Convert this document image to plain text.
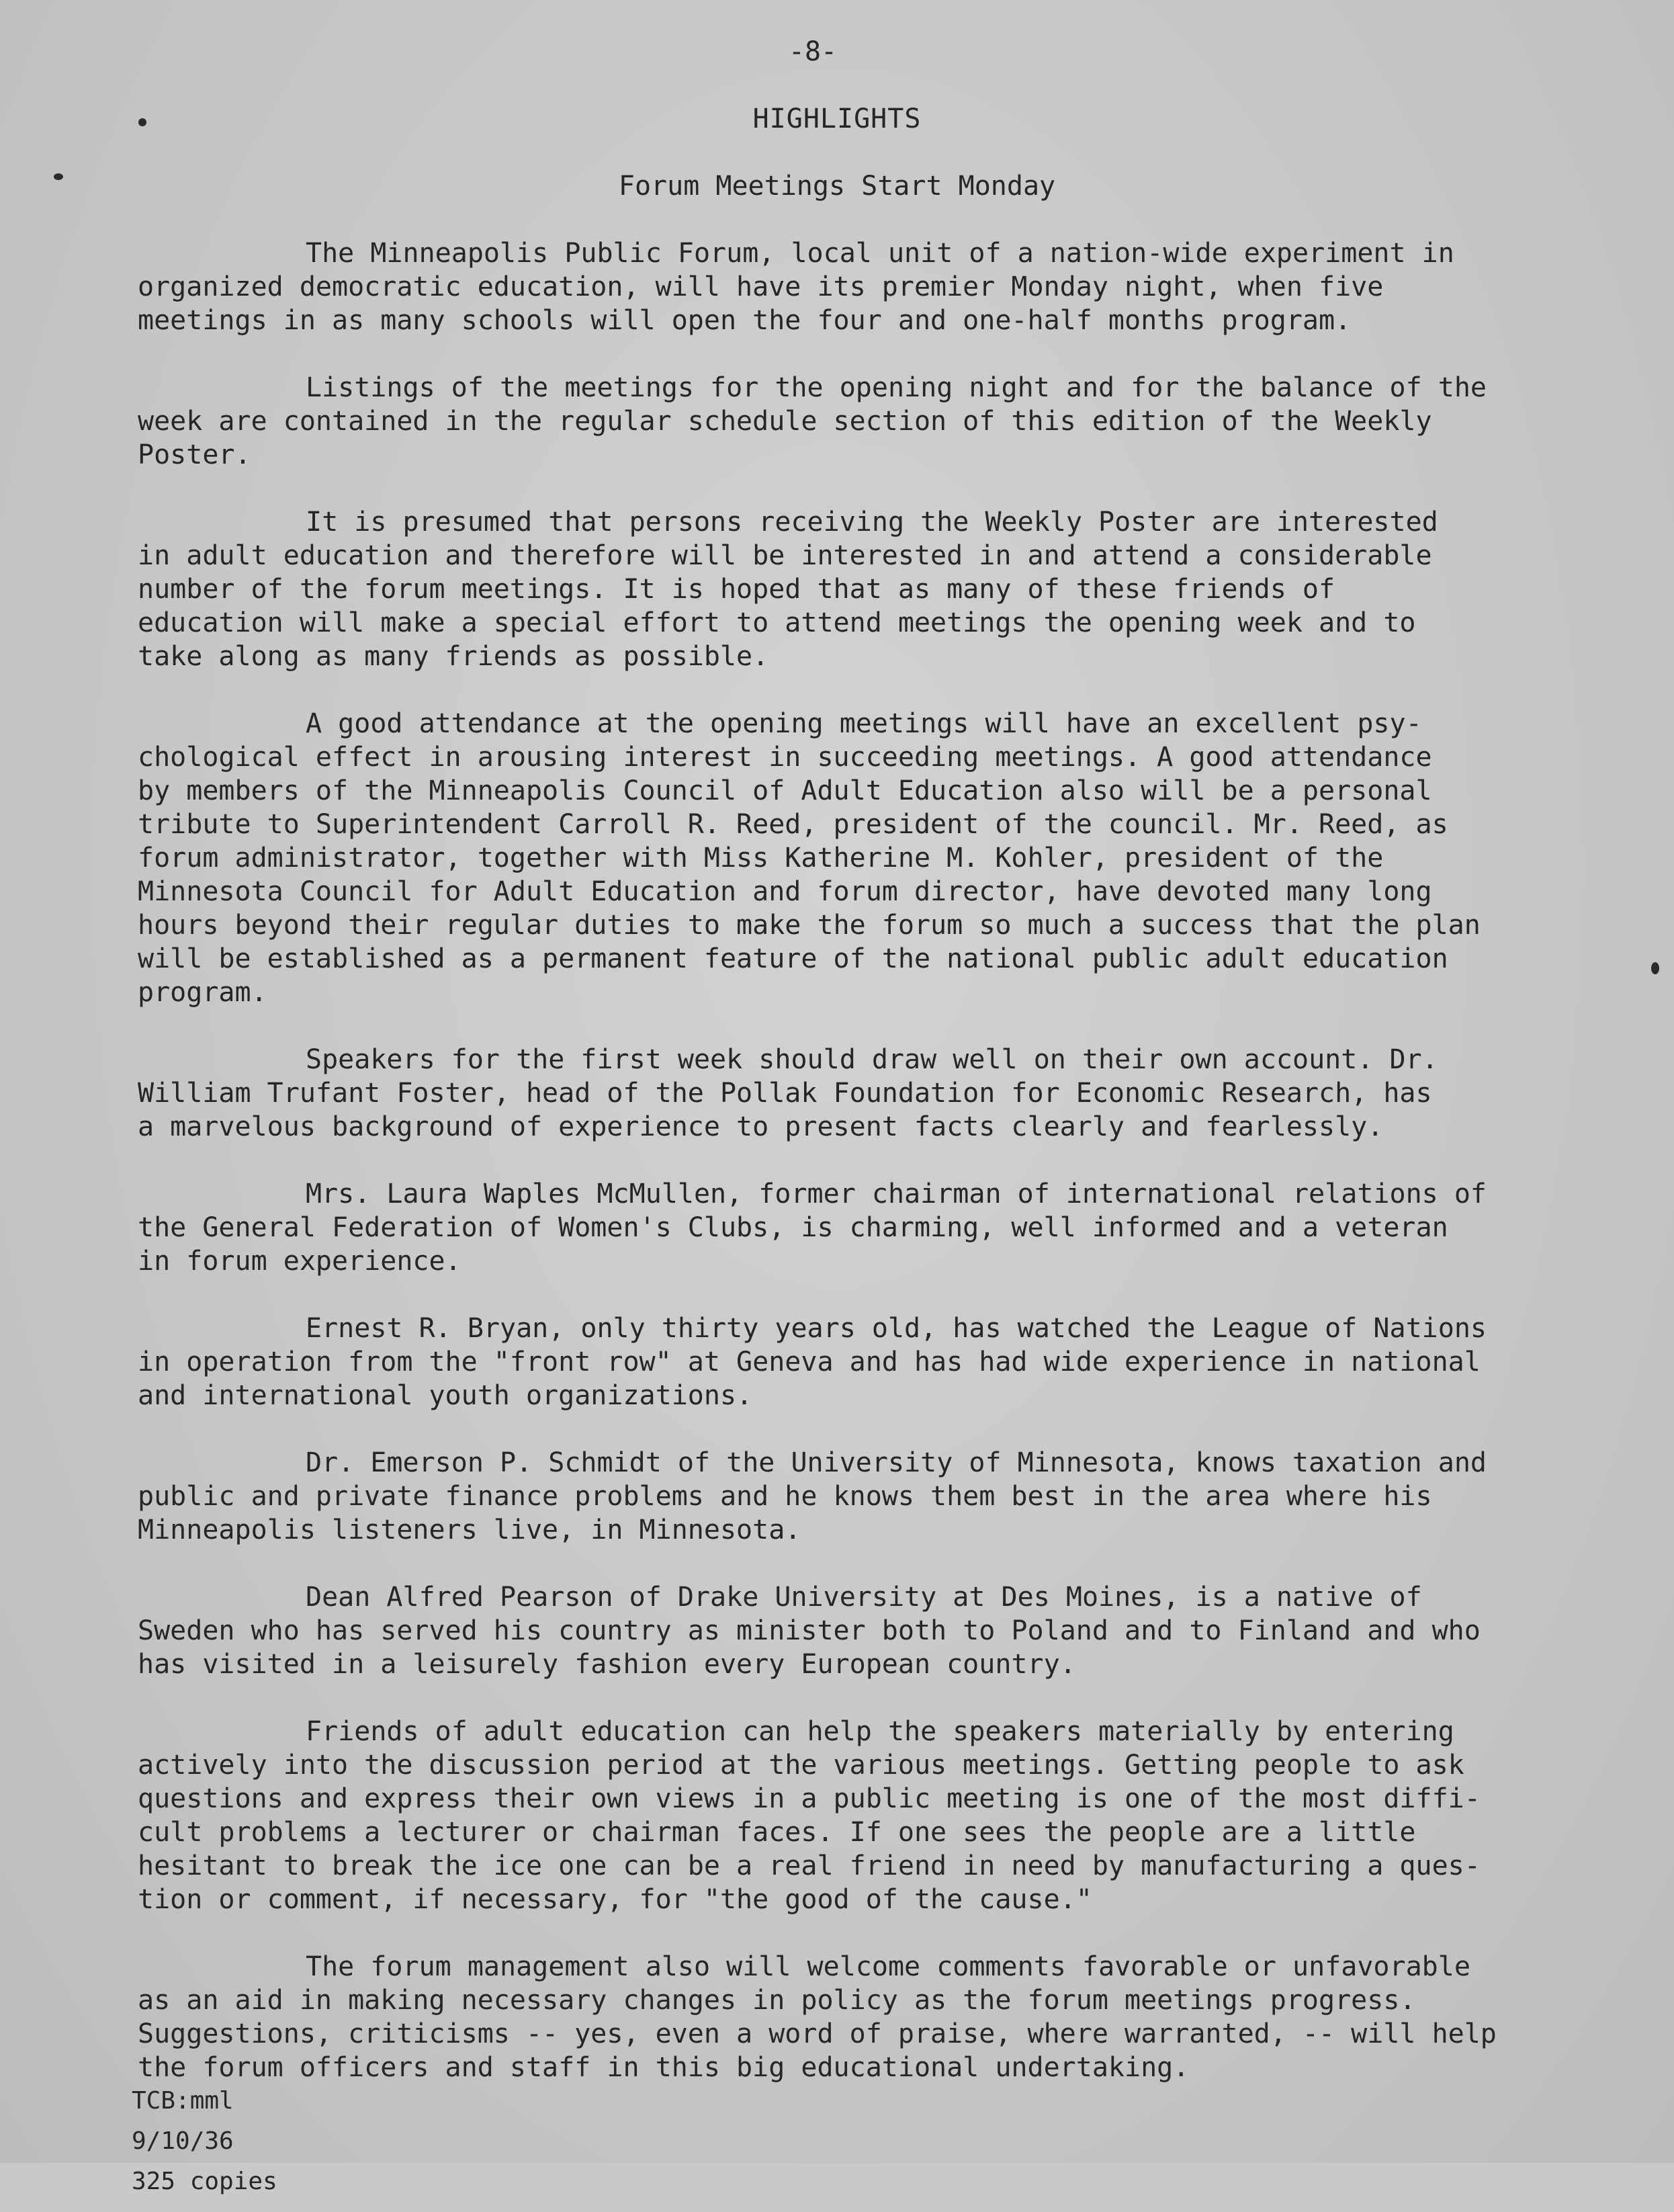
-8-
HIGHLIGHTS
Forum Meetings Start Monday

The Minneapolis Public Forum, local unit of a nation-wide experiment in
organized democratic education, will have its premier Monday night, when five
meetings in as many schools will open the four and one-half months program.

Listings of the meetings for the opening night and for the balance of the
week are contained in the regular schedule section of this edition of the Weekly
Poster.

It is presumed that persons receiving the Weekly Poster are interested
in adult education and therefore will be interested in and attend a considerable
number of the forum meetings. It is hoped that as many of these friends of
education will make a special effort to attend meetings the opening week and to
take along as many friends as possible.

A good attendance at the opening meetings will have an excellent psy-
chological effect in arousing interest in succeeding meetings. A good attendance
by members of the Minneapolis Council of Adult Education also will be a personal
tribute to Superintendent Carroll R. Reed, president of the council. Mr. Reed, as
forum administrator, together with Miss Katherine M. Kohler, president of the
Minnesota Council for Adult Education and forum director, have devoted many long
hours beyond their regular duties to make the forum so much a success that the plan
will be established as a permanent feature of the national public adult education
program.

Speakers for the first week should draw well on their own account. Dr.
William Trufant Foster, head of the Pollak Foundation for Economic Research, has
a marvelous background of experience to present facts clearly and fearlessly.

Mrs. Laura Waples McMullen, former chairman of international relations of
the General Federation of Women's Clubs, is charming, well informed and a veteran
in forum experience.

Ernest R. Bryan, only thirty years old, has watched the League of Nations
in operation from the "front row" at Geneva and has had wide experience in national
and international youth organizations.

Dr. Emerson P. Schmidt of the University of Minnesota, knows taxation and
public and private finance problems and he knows them best in the area where his
Minneapolis listeners live, in Minnesota.

Dean Alfred Pearson of Drake University at Des Moines, is a native of
Sweden who has served his country as minister both to Poland and to Finland and who
has visited in a leisurely fashion every European country.

Friends of adult education can help the speakers materially by entering
actively into the discussion period at the various meetings. Getting people to ask
questions and express their own views in a public meeting is one of the most diffi-
cult problems a lecturer or chairman faces. If one sees the people are a little
hesitant to break the ice one can be a real friend in need by manufacturing a ques-
tion or comment, if necessary, for "the good of the cause."

The forum management also will welcome comments favorable or unfavorable
as an aid in making necessary changes in policy as the forum meetings progress.
Suggestions, criticisms -- yes, even a word of praise, where warranted, -- will help
the forum officers and staff in this big educational undertaking.

TCB:mml

9/10/36

325 copies
